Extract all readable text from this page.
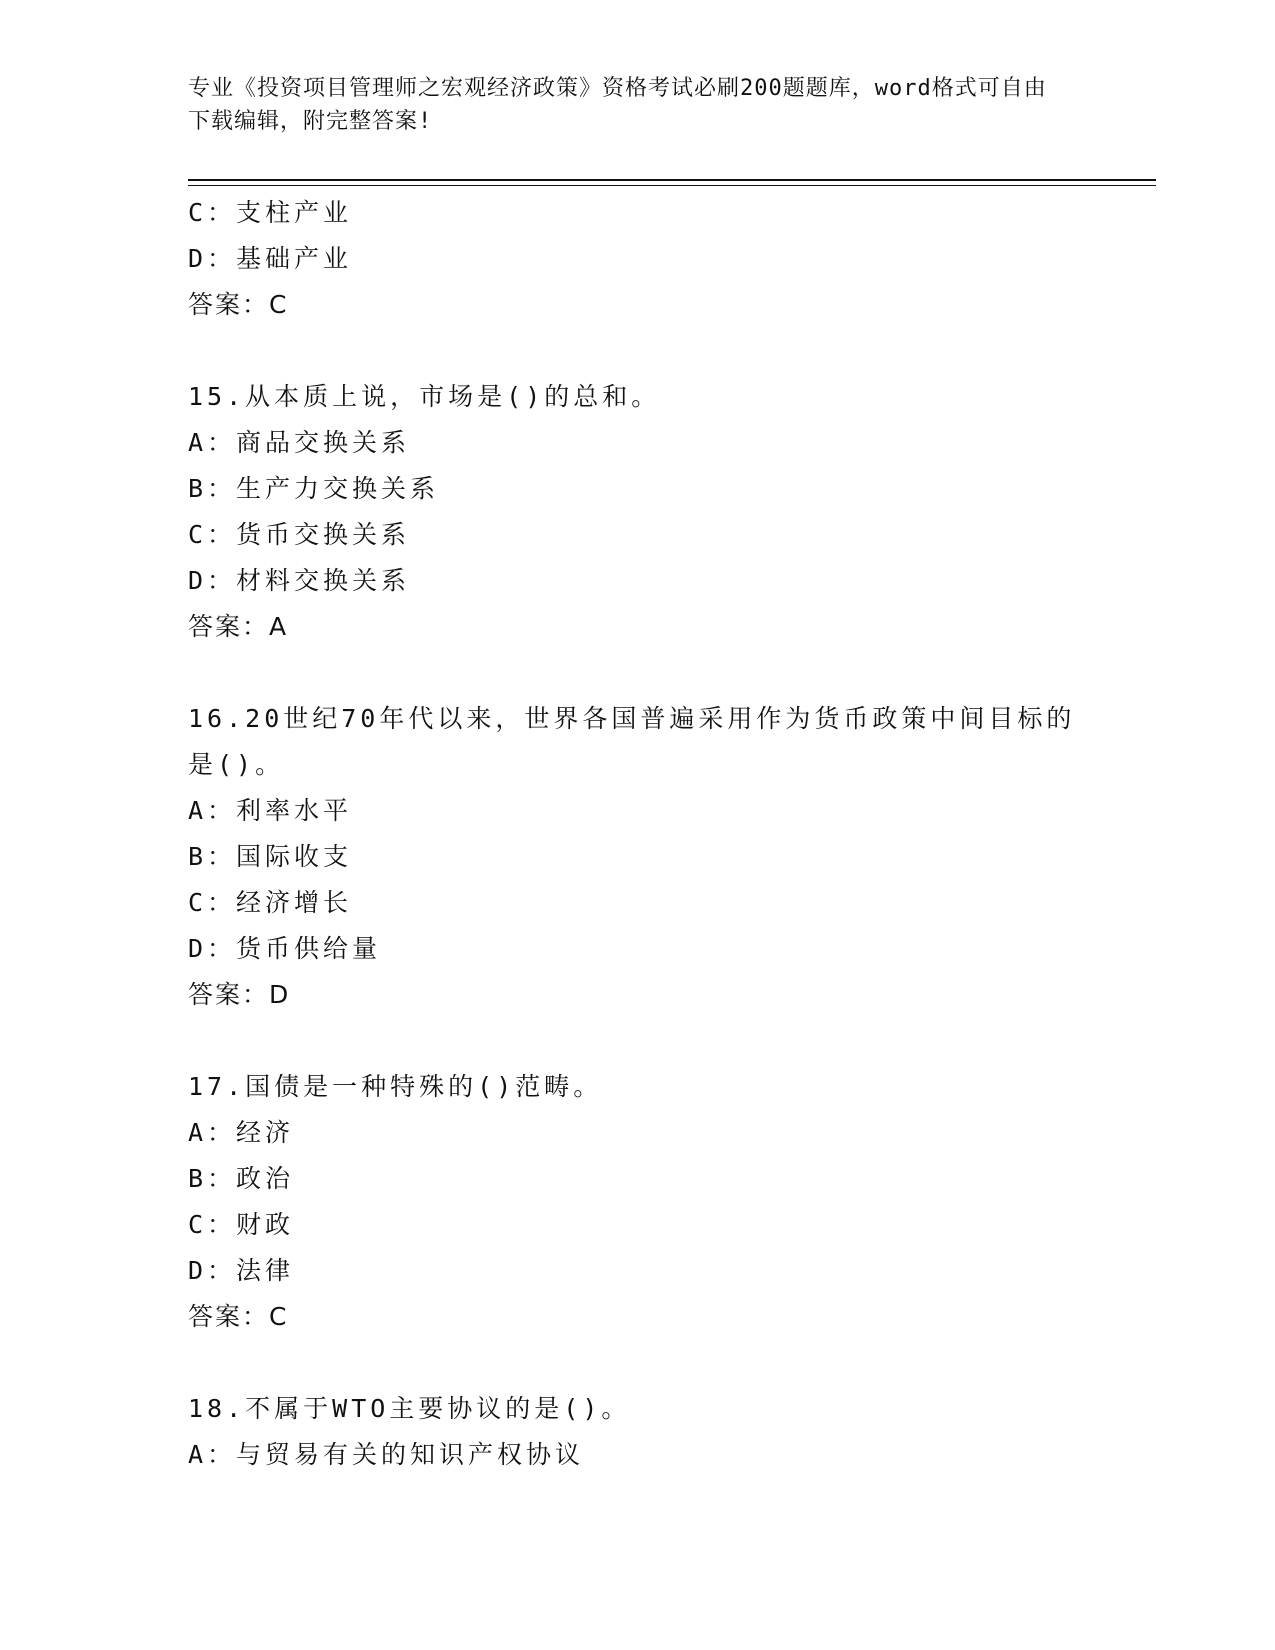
专业《投资项目管理师之宏观经济政策》资格考试必刷200题题库，word格式可自由下载编辑，附完整答案!
C：支柱产业
D：基础产业
答案：C
15.从本质上说，市场是()的总和。
A：商品交换关系
B：生产力交换关系
C：货币交换关系
D：材料交换关系
答案：A
16.20世纪70年代以来，世界各国普遍采用作为货币政策中间目标的是()。
A：利率水平
B：国际收支
C：经济增长
D：货币供给量
答案：D
17.国债是一种特殊的()范畴。
A：经济
B：政治
C：财政
D：法律
答案：C
18.不属于WTO主要协议的是()。
A：与贸易有关的知识产权协议
